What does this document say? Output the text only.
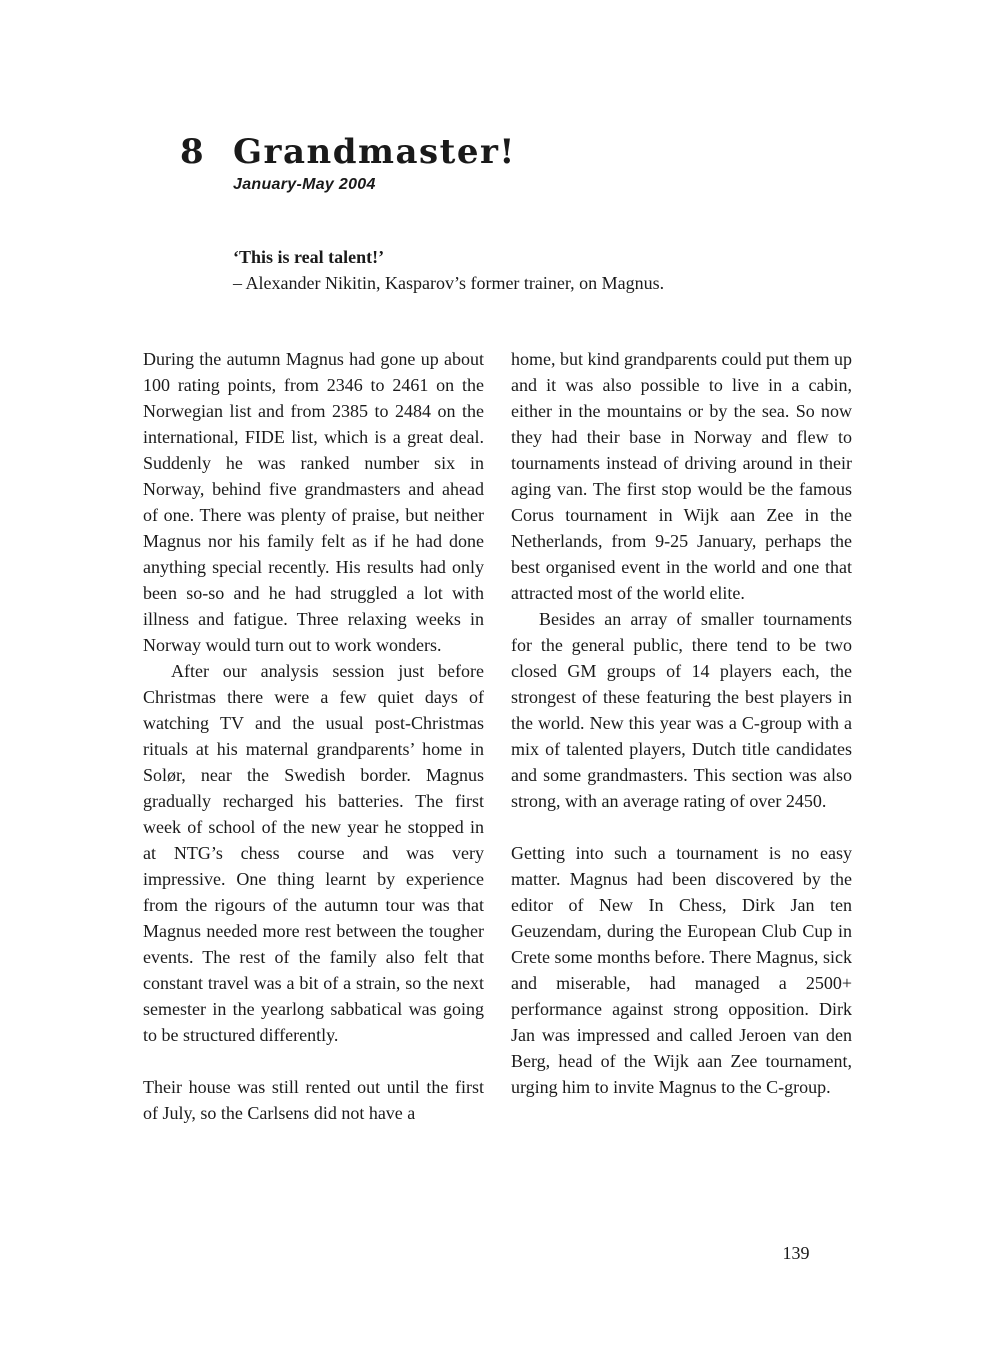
8 Grandmaster!
January-May 2004
‘This is real talent!’
– Alexander Nikitin, Kasparov’s former trainer, on Magnus.

During the autumn Magnus had gone up about 100 rating points, from 2346 to 2461 on the Norwegian list and from 2385 to 2484 on the international, FIDE list, which is a great deal. Suddenly he was ranked number six in Norway, behind five grandmasters and ahead of one. There was plenty of praise, but neither Magnus nor his family felt as if he had done anything special recently. His results had only been so-so and he had struggled a lot with illness and fatigue. Three relaxing weeks in Norway would turn out to work wonders.

After our analysis session just before Christmas there were a few quiet days of watching TV and the usual post-Christmas rituals at his maternal grandparents’ home in Solør, near the Swedish border. Magnus gradually recharged his batteries. The first week of school of the new year he stopped in at NTG’s chess course and was very impressive. One thing learnt by experience from the rigours of the autumn tour was that Magnus needed more rest between the tougher events. The rest of the family also felt that constant travel was a bit of a strain, so the next semester in the yearlong sabbatical was going to be structured differently.

Their house was still rented out until the first of July, so the Carlsens did not have a

home, but kind grandparents could put them up and it was also possible to live in a cabin, either in the mountains or by the sea. So now they had their base in Norway and flew to tournaments instead of driving around in their aging van. The first stop would be the famous Corus tournament in Wijk aan Zee in the Netherlands, from 9-25 January, perhaps the best organised event in the world and one that attracted most of the world elite.

Besides an array of smaller tournaments for the general public, there tend to be two closed GM groups of 14 players each, the strongest of these featuring the best players in the world. New this year was a C-group with a mix of talented players, Dutch title candidates and some grandmasters. This section was also strong, with an average rating of over 2450.

Getting into such a tournament is no easy matter. Magnus had been discovered by the editor of New In Chess, Dirk Jan ten Geuzendam, during the European Club Cup in Crete some months before. There Magnus, sick and miserable, had managed a 2500+ performance against strong opposition. Dirk Jan was impressed and called Jeroen van den Berg, head of the Wijk aan Zee tournament, urging him to invite Magnus to the C-group.

139
